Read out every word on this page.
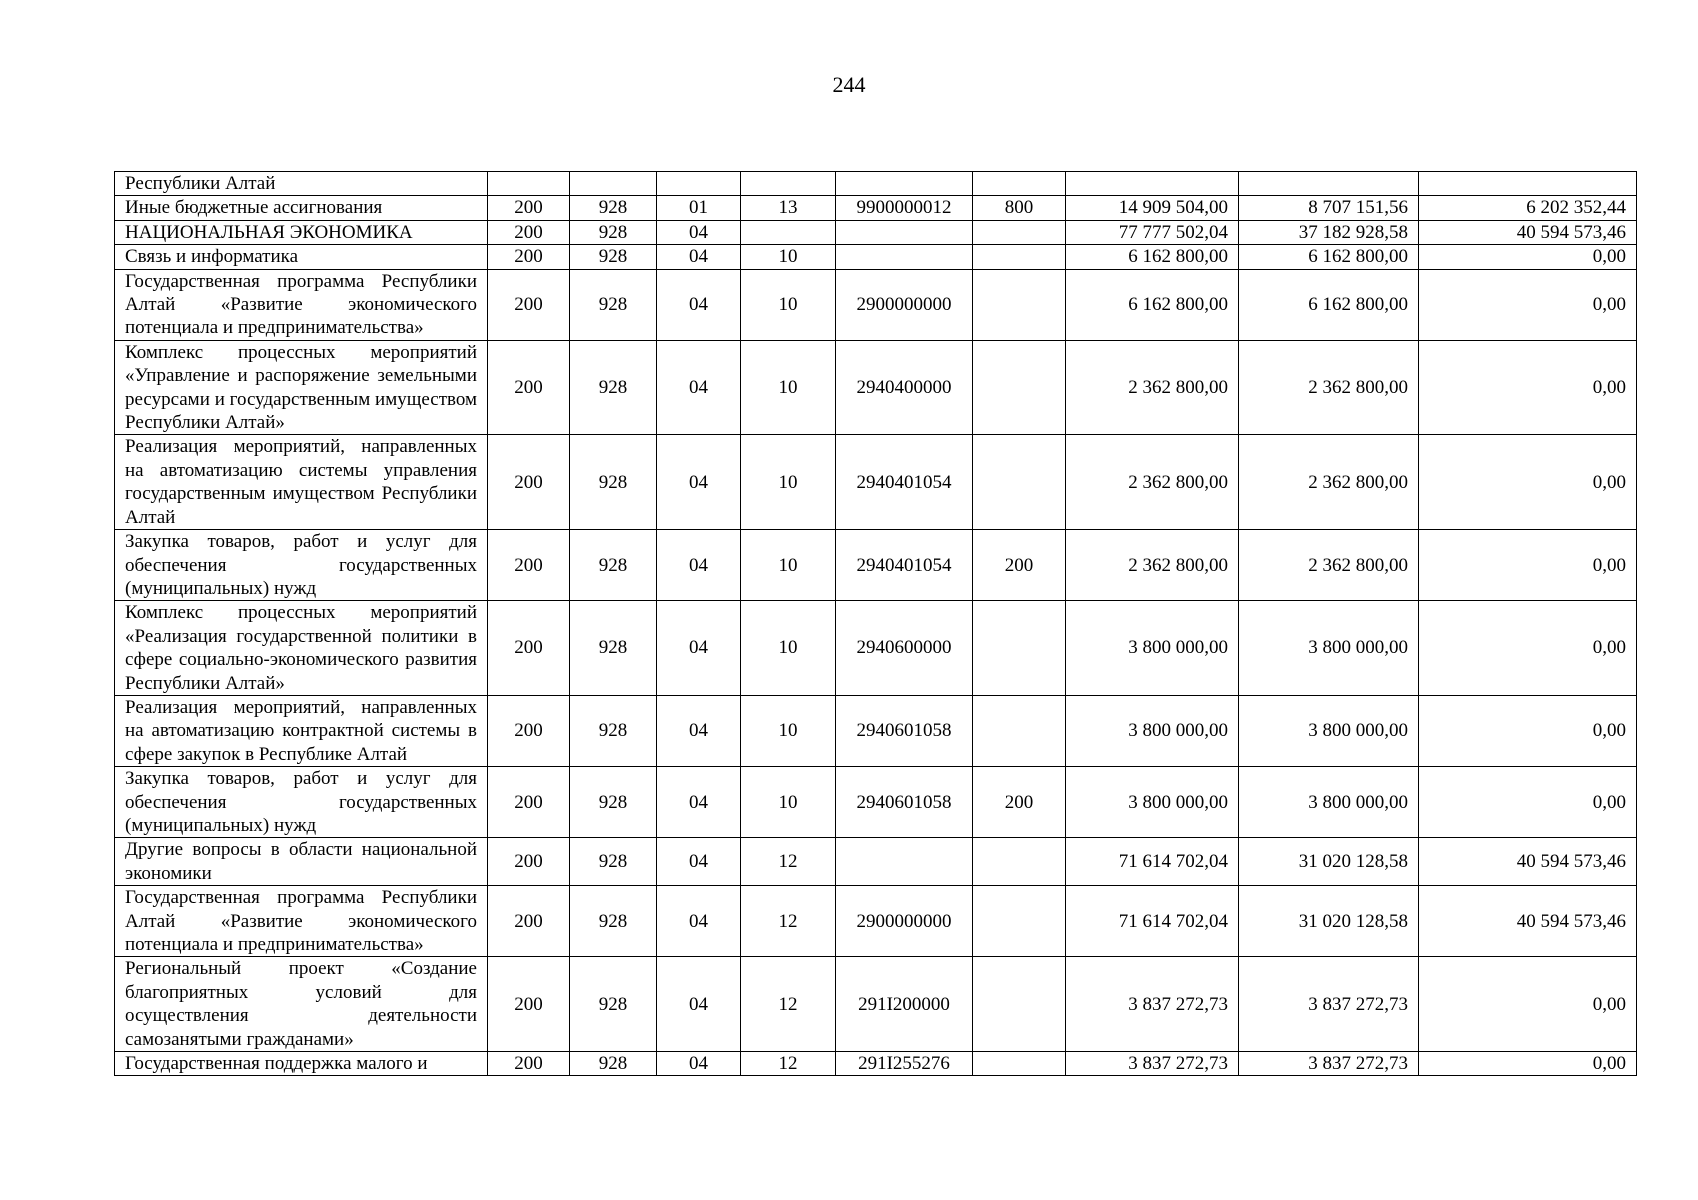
244
Республики Алтай									
Иные бюджетные ассигнования	200	928	01	13	9900000012	800	14 909 504,00	8 707 151,56	6 202 352,44
НАЦИОНАЛЬНАЯ ЭКОНОМИКА	200	928	04				77 777 502,04	37 182 928,58	40 594 573,46
Связь и информатика	200	928	04	10			6 162 800,00	6 162 800,00	0,00
Государственная программа Республики Алтай «Развитие экономического потенциала и предпринимательства»	200	928	04	10	2900000000		6 162 800,00	6 162 800,00	0,00
Комплекс процессных мероприятий «Управление и распоряжение земельными ресурсами и государственным имуществом Республики Алтай»	200	928	04	10	2940400000		2 362 800,00	2 362 800,00	0,00
Реализация мероприятий, направленных на автоматизацию системы управления государственным имуществом Республики Алтай	200	928	04	10	2940401054		2 362 800,00	2 362 800,00	0,00
Закупка товаров, работ и услуг для обеспечения государственных (муниципальных) нужд	200	928	04	10	2940401054	200	2 362 800,00	2 362 800,00	0,00
Комплекс процессных мероприятий «Реализация государственной политики в сфере социально-экономического развития Республики Алтай»	200	928	04	10	2940600000		3 800 000,00	3 800 000,00	0,00
Реализация мероприятий, направленных на автоматизацию контрактной системы в сфере закупок в Республике Алтай	200	928	04	10	2940601058		3 800 000,00	3 800 000,00	0,00
Закупка товаров, работ и услуг для обеспечения государственных (муниципальных) нужд	200	928	04	10	2940601058	200	3 800 000,00	3 800 000,00	0,00
Другие вопросы в области национальной экономики	200	928	04	12			71 614 702,04	31 020 128,58	40 594 573,46
Государственная программа Республики Алтай «Развитие экономического потенциала и предпринимательства»	200	928	04	12	2900000000		71 614 702,04	31 020 128,58	40 594 573,46
Региональный проект «Создание благоприятных условий для осуществления деятельности самозанятыми гражданами»	200	928	04	12	291I200000		3 837 272,73	3 837 272,73	0,00
Государственная поддержка малого и	200	928	04	12	291I255276		3 837 272,73	3 837 272,73	0,00
